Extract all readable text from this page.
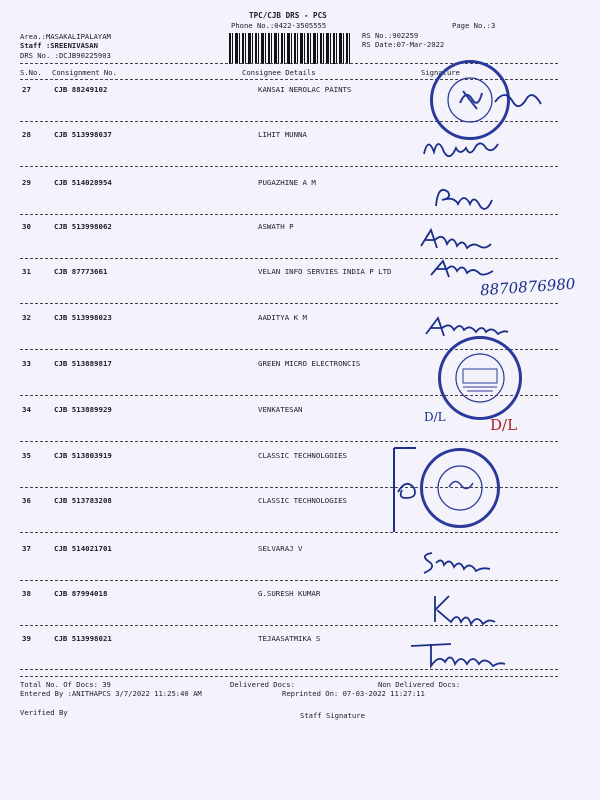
TPC/CJB DRS - PCS
Phone No.:0422-3505555	Page No.:3
Area.:MASAKALIPALAYAM
Staff :SREENIVASAN
DRS No. :DCJB90225903
RS No.:902259
RS Date:07-Mar-2022
S.No. Consignment No.	Consignee Details	Signature
27	CJB 88249102	KANSAI NEROLAC PAINTS
28	CJB 513998037	LIHIT MUNNA
29	CJB 514028954	PUGAZHINE A M
30	CJB 513998062	ASWATH P
31	CJB 87773661	VELAN INFO SERVIES INDIA P LTD
32	CJB 513998023	AADITYA K M
33	CJB 513889817	GREEN MICRO ELECTRONCIS
34	CJB 513889929	VENKATESAN
35	CJB 513803919	CLASSIC TECHNOLGOIES
36	CJB 513783208	CLASSIC TECHNOLOGIES
37	CJB 514021701	SELVARAJ V
38	CJB 87994018	G.SURESH KUMAR
39	CJB 513998021	TEJAASATMIKA S
8870876980
D/L	D/L
Total No. Of Docs: 39	Delivered Docs:	Non Delivered Docs:
Entered By :ANITHAPCS 3/7/2022 11:25:40 AM	Reprinted On: 07-03-2022 11:27:11
Verified By	Staff Signature
